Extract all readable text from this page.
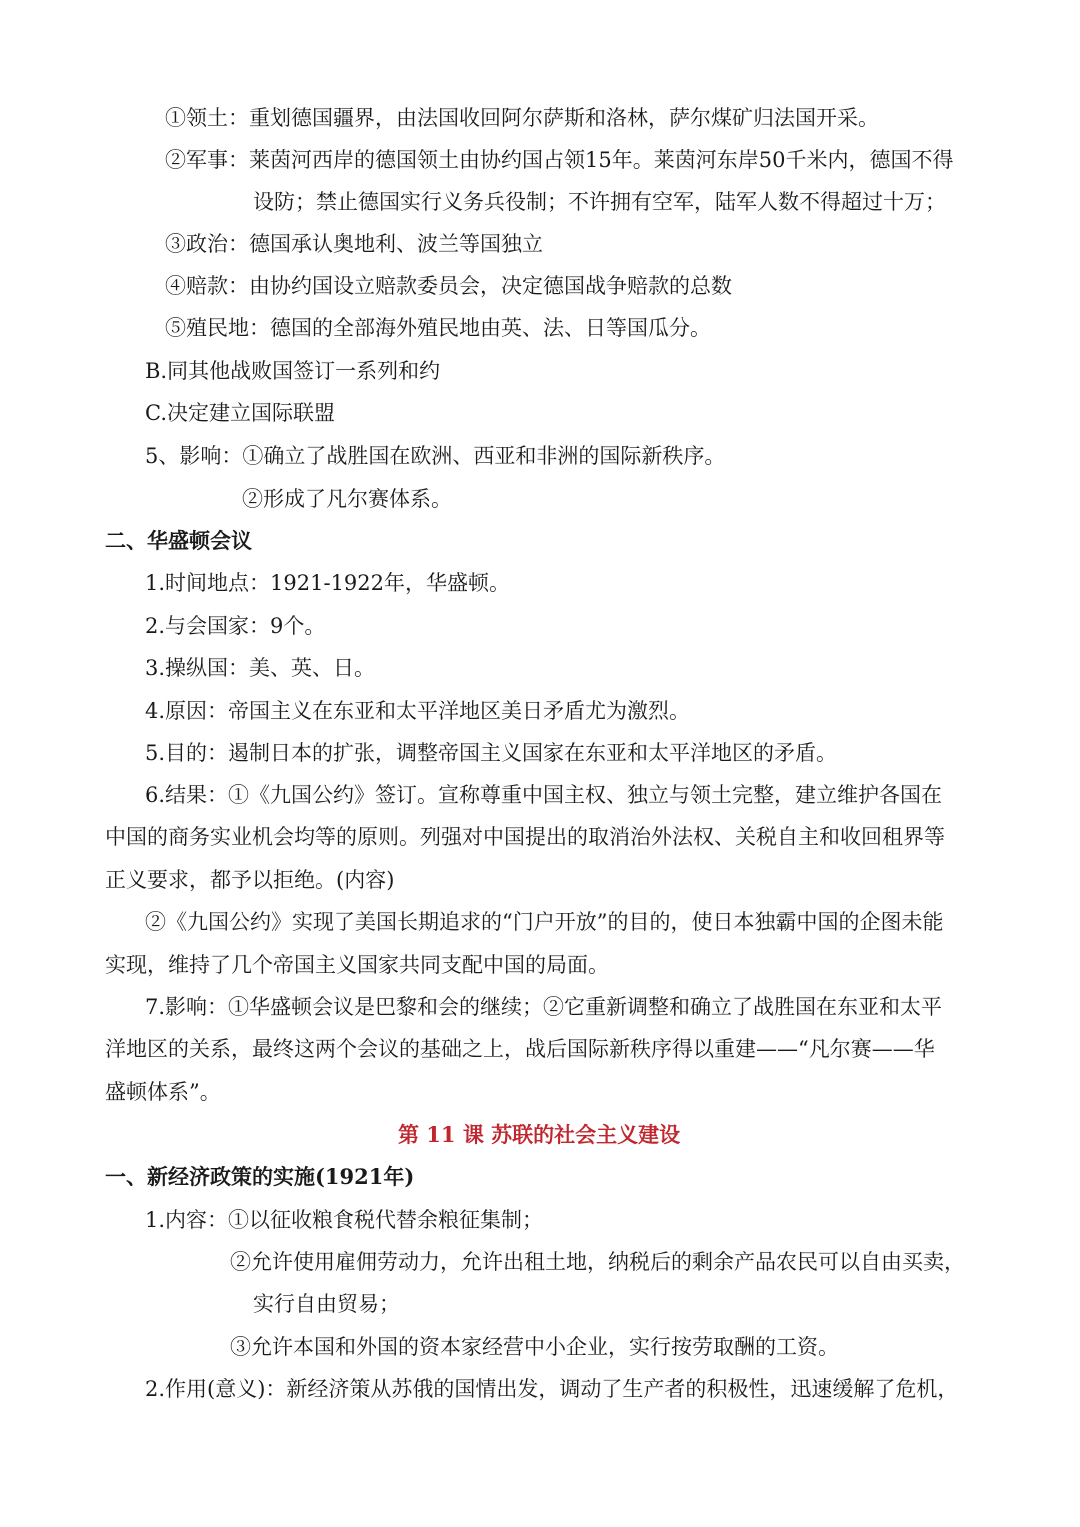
①领土：重划德国疆界，由法国收回阿尔萨斯和洛林，萨尔煤矿归法国开采。
②军事：莱茵河西岸的德国领土由协约国占领15年。莱茵河东岸50千米内，德国不得
设防；禁止德国实行义务兵役制；不许拥有空军，陆军人数不得超过十万；
③政治：德国承认奥地利、波兰等国独立
④赔款：由协约国设立赔款委员会，决定德国战争赔款的总数
⑤殖民地：德国的全部海外殖民地由英、法、日等国瓜分。
B.同其他战败国签订一系列和约
C.决定建立国际联盟
5、影响：①确立了战胜国在欧洲、西亚和非洲的国际新秩序。
②形成了凡尔赛体系。
二、华盛顿会议
1.时间地点：1921-1922年，华盛顿。
2.与会国家：9个。
3.操纵国：美、英、日。
4.原因：帝国主义在东亚和太平洋地区美日矛盾尤为激烈。
5.目的：遏制日本的扩张，调整帝国主义国家在东亚和太平洋地区的矛盾。
6.结果：①《九国公约》签订。宣称尊重中国主权、独立与领土完整，建立维护各国在
中国的商务实业机会均等的原则。列强对中国提出的取消治外法权、关税自主和收回租界等
正义要求，都予以拒绝。(内容)
②《九国公约》实现了美国长期追求的“门户开放”的目的，使日本独霸中国的企图未能
实现，维持了几个帝国主义国家共同支配中国的局面。
7.影响：①华盛顿会议是巴黎和会的继续；②它重新调整和确立了战胜国在东亚和太平
洋地区的关系，最终这两个会议的基础之上，战后国际新秩序得以重建——“凡尔赛——华
盛顿体系”。
第 11 课 苏联的社会主义建设
一、新经济政策的实施(1921年)
1.内容：①以征收粮食税代替余粮征集制；
②允许使用雇佣劳动力，允许出租土地，纳税后的剩余产品农民可以自由买卖，
实行自由贸易；
③允许本国和外国的资本家经营中小企业，实行按劳取酬的工资。
2.作用(意义)：新经济策从苏俄的国情出发，调动了生产者的积极性，迅速缓解了危机，
